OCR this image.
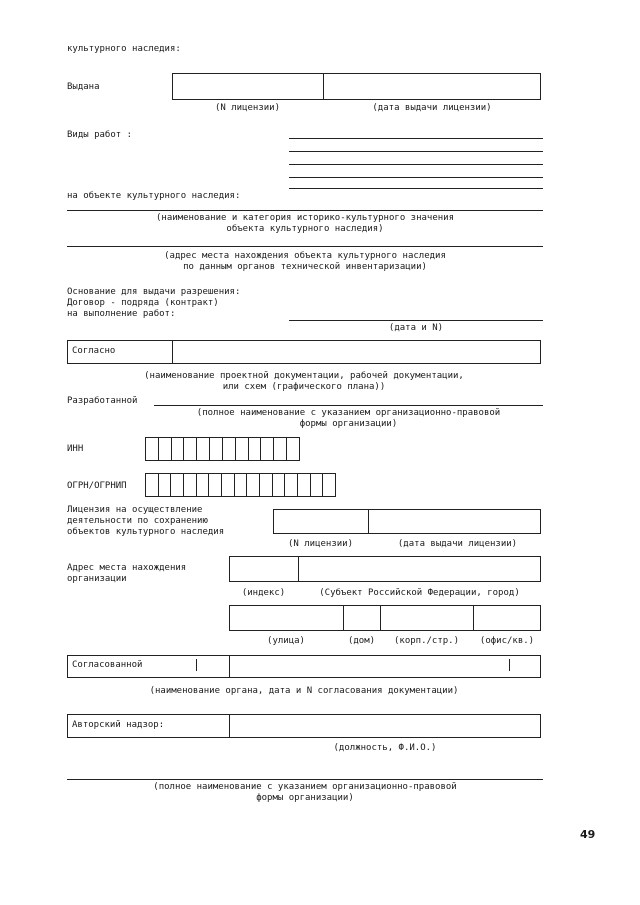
культурного наследия:
Выдана
(N лицензии)	(дата выдачи лицензии)
Виды работ :
на объекте культурного наследия:
(наименование и категория историко-культурного значения
объекта культурного наследия)
(адрес места нахождения объекта культурного наследия
по данным органов технической инвентаризации)
Основание для выдачи разрешения:
Договор - подряда (контракт)
на выполнение работ:
(дата и N)
Согласно
(наименование проектной документации, рабочей документации,
или схем (графического плана))
Разработанной
(полное наименование с указанием организационно-правовой
формы организации)
ИНН
ОГРН/ОГРНИП
Лицензия на осуществление
деятельности по сохранению
объектов культурного наследия
(N лицензии)	(дата выдачи лицензии)
Адрес места нахождения
организации
(индекс)	(Субъект Российской Федерации, город)
(улица)	(дом)	(корп./стр.)	(офис/кв.)
Согласованной
(наименование органа, дата и N согласования документации)
Авторский надзор:
(должность, Ф.И.О.)
(полное наименование с указанием организационно-правовой
формы организации)
49
